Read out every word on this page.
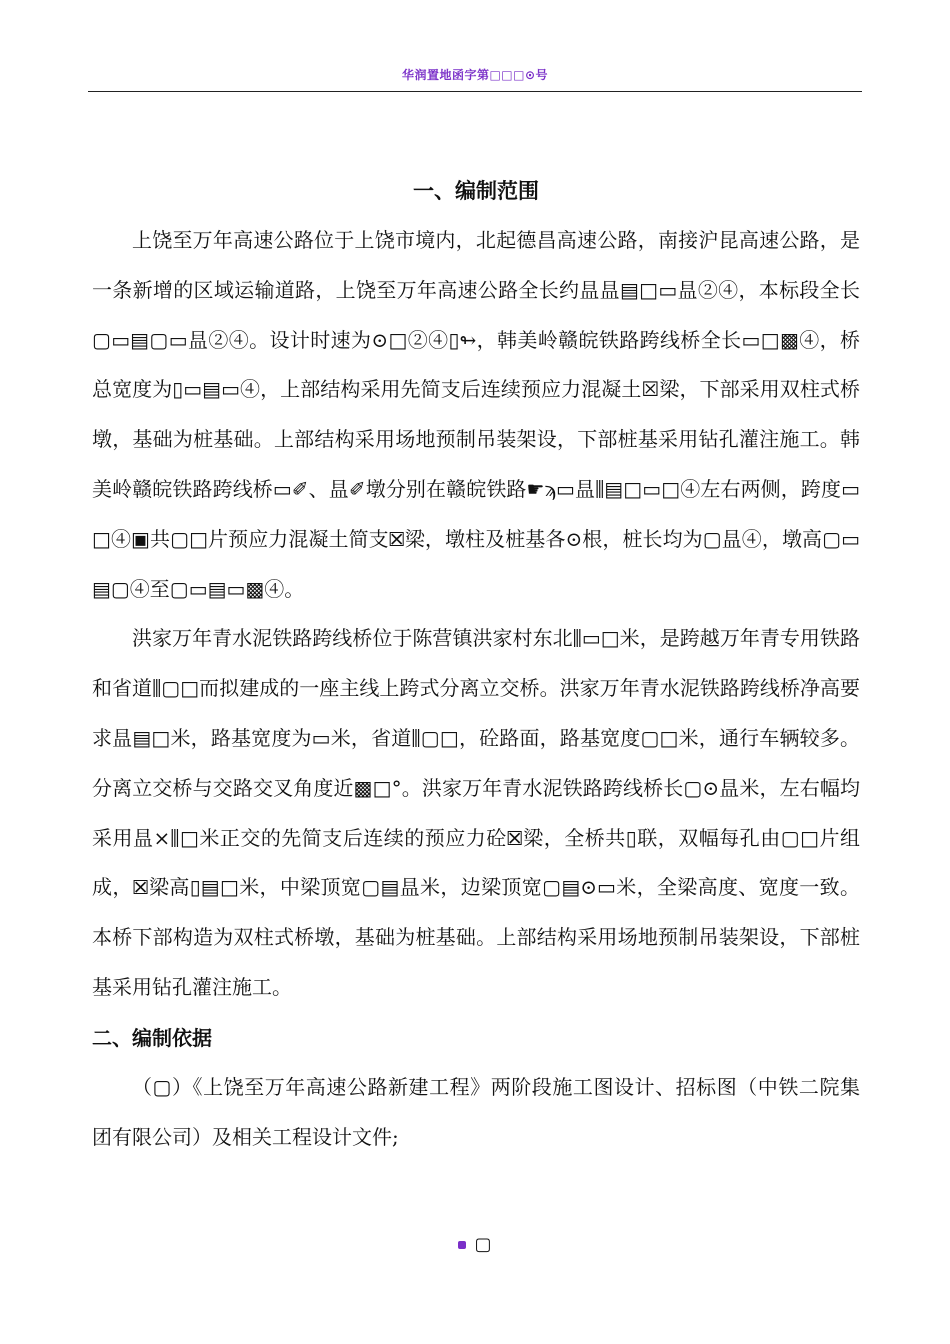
华润置地函字第□□□⊙号
一、编制范围

上饶至万年高速公路位于上饶市境内，北起德昌高速公路，南接沪昆高速公路，是一条新增的区域运输道路，上饶至万年高速公路全长约昷昷▤□▭昷②④，本标段全长▢▭▤▢▭昷②④。设计时速为⊙□②④▯↬，韩美岭赣皖铁路跨线桥全长▭□▩④，桥总宽度为▯▭▤▭④，上部结构采用先简支后连续预应力混凝土☒梁，下部采用双柱式桥墩，基础为桩基础。上部结构采用场地预制吊装架设，下部桩基采用钻孔灌注施工。韩美岭赣皖铁路跨线桥▭✐、昷✐墩分别在赣皖铁路☛ϡ▭昷⫼▤□▭□④左右两侧，跨度▭□④▣共▢□片预应力混凝土简支☒梁，墩柱及桩基各⊙根，桩长均为▢昷④，墩高▢▭▤▢④至▢▭▤▭▩④。

洪家万年青水泥铁路跨线桥位于陈营镇洪家村东北⫼▭□米，是跨越万年青专用铁路和省道⫼▢□而拟建成的一座主线上跨式分离立交桥。洪家万年青水泥铁路跨线桥净高要求昷▤□米，路基宽度为▭米，省道⫼▢□，砼路面，路基宽度▢□米，通行车辆较多。分离立交桥与交路交叉角度近▩□°。洪家万年青水泥铁路跨线桥长▢⊙昷米，左右幅均采用昷×⫼□米正交的先简支后连续的预应力砼☒梁，全桥共▯联，双幅每孔由▢□片组成，☒梁高▯▤□米，中梁顶宽▢▤昷米，边梁顶宽▢▤⊙▭米，全梁高度、宽度一致。本桥下部构造为双柱式桥墩，基础为桩基础。上部结构采用场地预制吊装架设，下部桩基采用钻孔灌注施工。

二、编制依据

（▢）《上饶至万年高速公路新建工程》两阶段施工图设计、招标图（中铁二院集团有限公司）及相关工程设计文件;

▢
